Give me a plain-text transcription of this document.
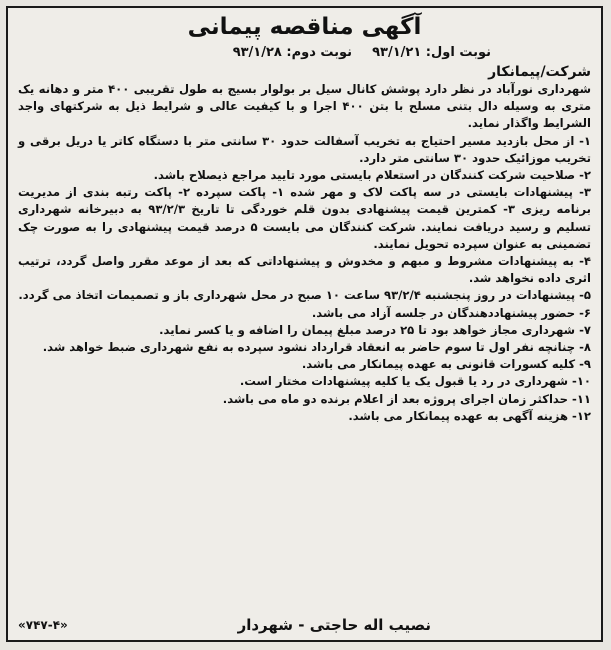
آگهی مناقصه پیمانی
نوبت اول: ۹۳/۱/۲۱
نوبت دوم: ۹۳/۱/۲۸
شرکت/پیمانکار
شهرداری نورآباد در نظر دارد پوشش کانال سیل بر بولوار بسیج به طول تقریبی ۴۰۰ متر و دهانه یک متری به وسیله دال بتنی مسلح با بتن ۴۰۰ اجرا و با کیفیت عالی و شرایط ذیل به شرکتهای واجد الشرایط واگذار نماید.
۱- از محل بازدید مسیر احتیاج به تخریب آسفالت حدود ۳۰ سانتی متر با دستگاه کاتر یا دریل برقی و تخریب موزائیک حدود ۳۰ سانتی متر دارد.
۲- صلاحیت شرکت کنندگان در استعلام بایستی مورد تایید مراجع ذیصلاح باشد.
۳- پیشنهادات بایستی در سه پاکت لاک و مهر شده ۱- پاکت سپرده ۲- پاکت رتبه بندی از مدیریت برنامه ریزی ۳- کمترین قیمت پیشنهادی بدون قلم خوردگی تا تاریخ ۹۳/۲/۳ به دبیرخانه شهرداری تسلیم و رسید دریافت نمایند. شرکت کنندگان می بایست ۵ درصد قیمت پیشنهادی را به صورت چک تضمینی به عنوان سپرده تحویل نمایند.
۴- به پیشنهادات مشروط و مبهم و مخدوش و پیشنهاداتی که بعد از موعد مقرر واصل گردد، ترتیب اثری داده نخواهد شد.
۵- پیشنهادات در روز پنجشنبه ۹۳/۲/۴ ساعت ۱۰ صبح در محل شهرداری باز و تصمیمات اتخاذ می گردد.
۶- حضور پیشنهاددهندگان در جلسه آزاد می باشد.
۷- شهرداری مجاز خواهد بود تا ۲۵ درصد مبلغ پیمان را اضافه و یا کسر نماید.
۸- چنانچه نفر اول تا سوم حاضر به انعقاد قرارداد نشود سپرده به نفع شهرداری ضبط خواهد شد.
۹- کلیه کسورات قانونی به عهده پیمانکار می باشد.
۱۰- شهرداری در رد یا قبول یک یا کلیه پیشنهادات مختار است.
۱۱- حداکثر زمان اجرای پروژه بعد از اعلام برنده دو ماه می باشد.
۱۲- هزینه آگهی به عهده پیمانکار می باشد.
نصیب اله حاجتی - شهردار
«۷۴۷-۴»
